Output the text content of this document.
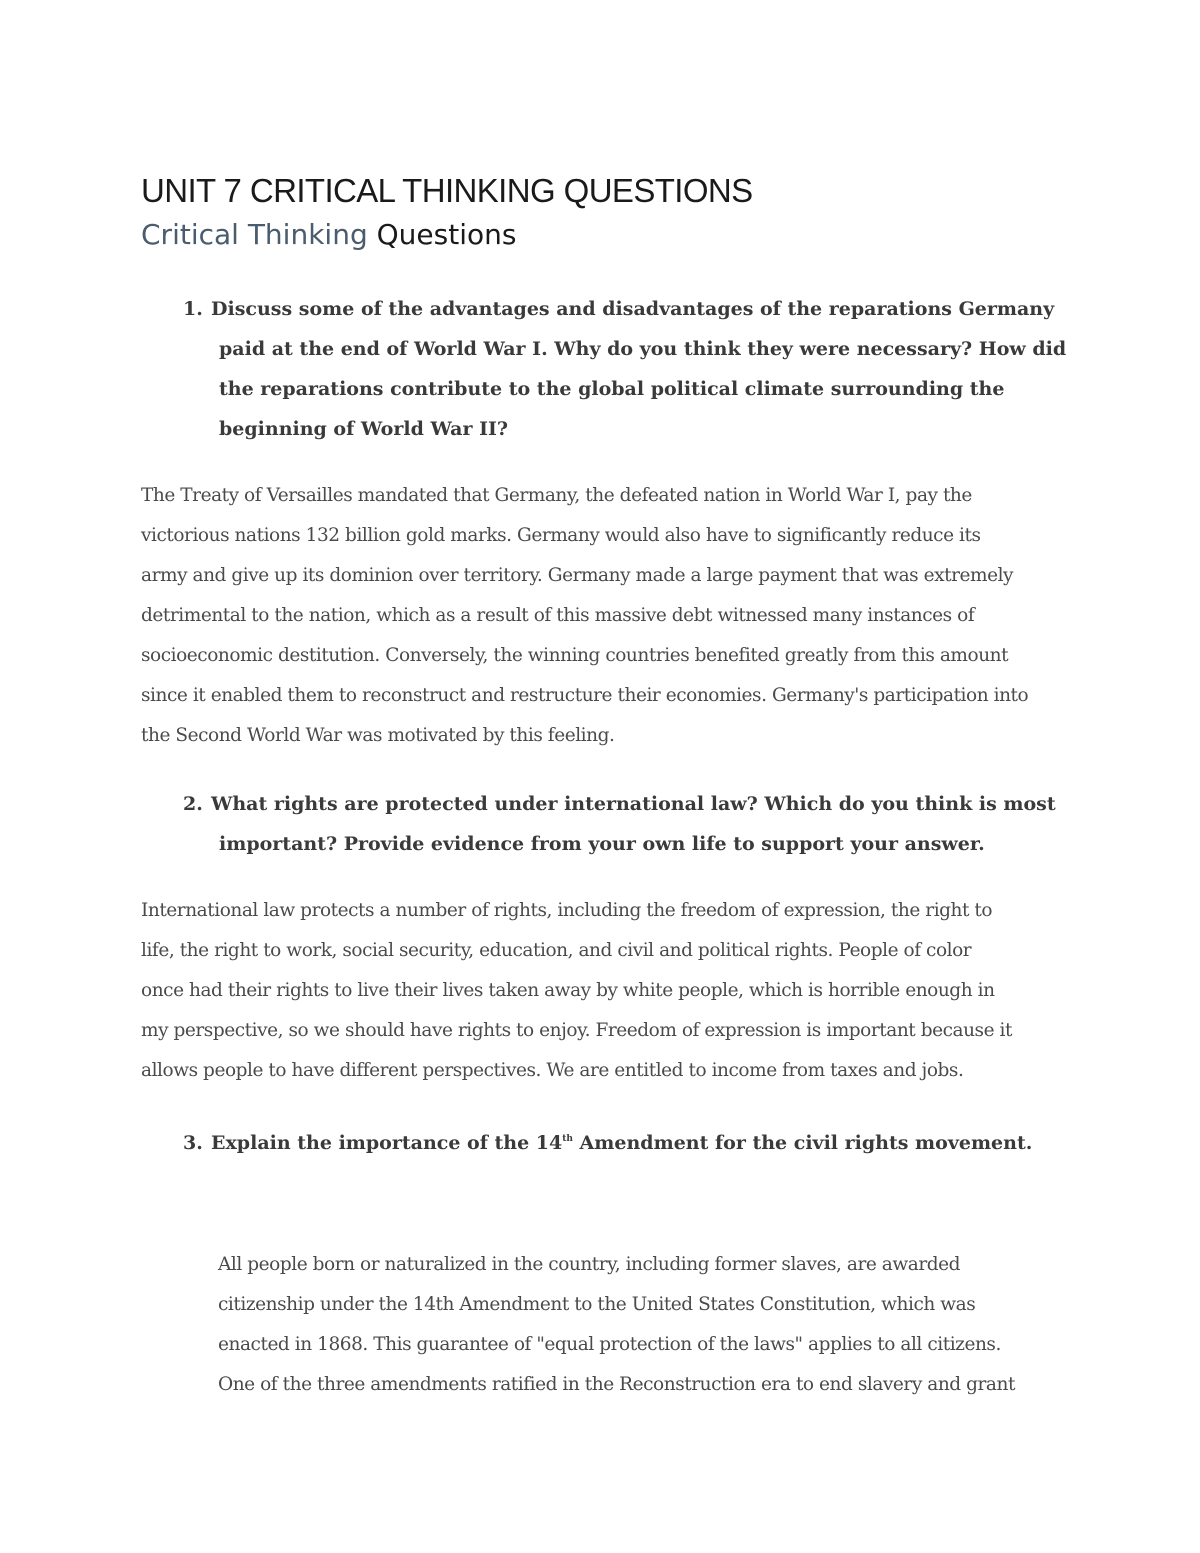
UNIT 7 CRITICAL THINKING QUESTIONS
Critical Thinking Questions

1. Discuss some of the advantages and disadvantages of the reparations Germany paid at the end of World War I. Why do you think they were necessary? How did the reparations contribute to the global political climate surrounding the beginning of World War II?

The Treaty of Versailles mandated that Germany, the defeated nation in World War I, pay the
victorious nations 132 billion gold marks. Germany would also have to significantly reduce its
army and give up its dominion over territory. Germany made a large payment that was extremely
detrimental to the nation, which as a result of this massive debt witnessed many instances of
socioeconomic destitution. Conversely, the winning countries benefited greatly from this amount
since it enabled them to reconstruct and restructure their economies. Germany's participation into
the Second World War was motivated by this feeling.

2. What rights are protected under international law? Which do you think is most important? Provide evidence from your own life to support your answer.

International law protects a number of rights, including the freedom of expression, the right to
life, the right to work, social security, education, and civil and political rights. People of color
once had their rights to live their lives taken away by white people, which is horrible enough in
my perspective, so we should have rights to enjoy. Freedom of expression is important because it
allows people to have different perspectives. We are entitled to income from taxes and jobs.

3. Explain the importance of the 14th Amendment for the civil rights movement.

All people born or naturalized in the country, including former slaves, are awarded
citizenship under the 14th Amendment to the United States Constitution, which was
enacted in 1868. This guarantee of "equal protection of the laws" applies to all citizens.
One of the three amendments ratified in the Reconstruction era to end slavery and grant
